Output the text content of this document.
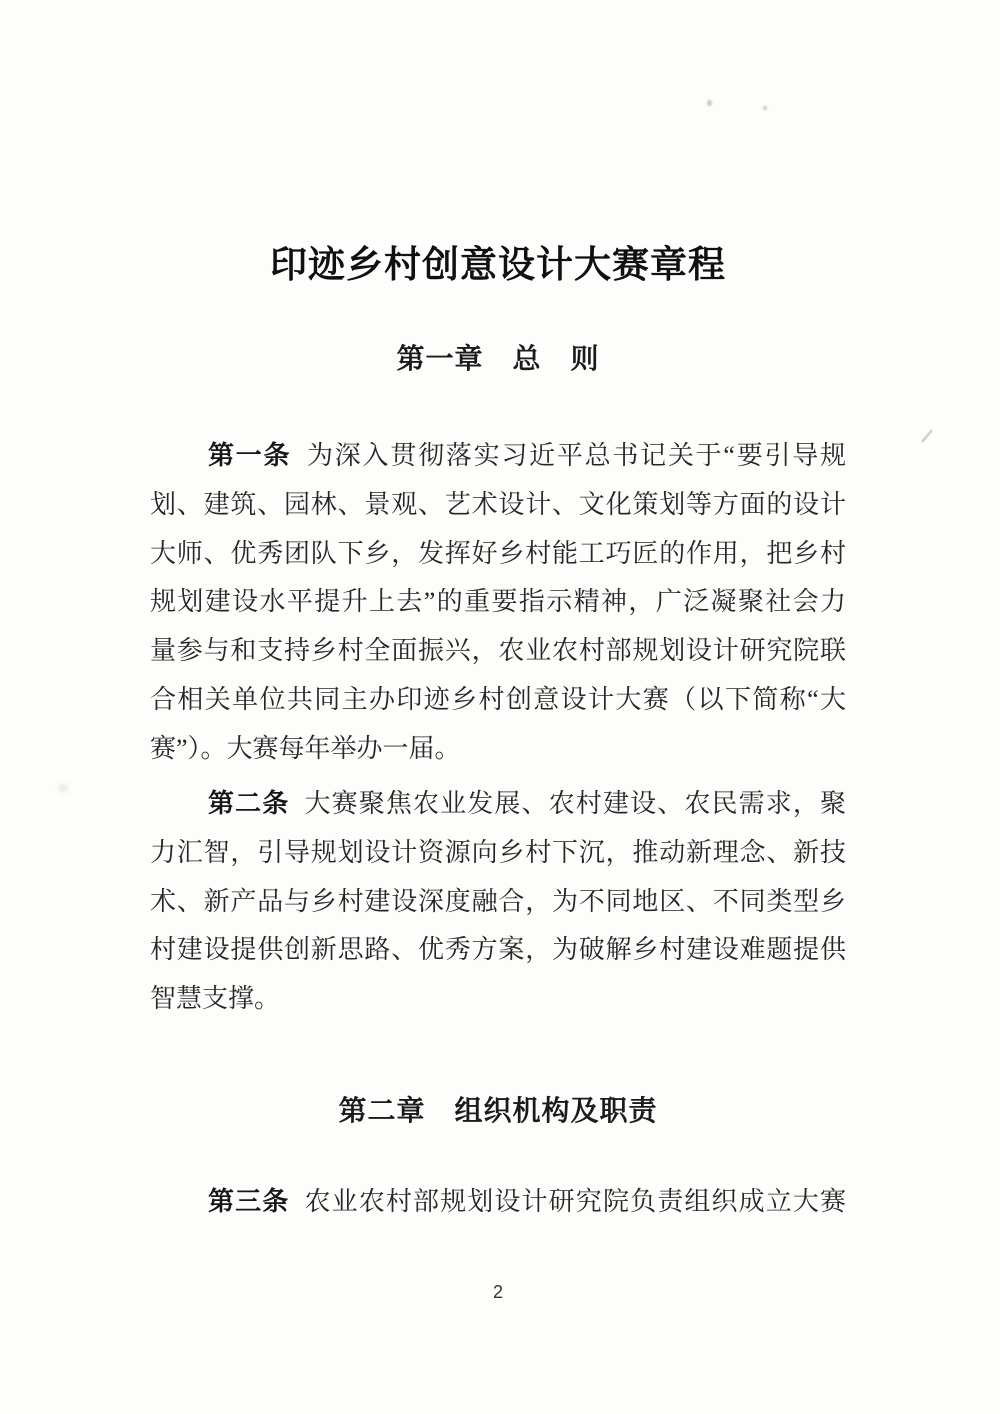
印迹乡村创意设计大赛章程
第一章　总　则
第一条 为深入贯彻落实习近平总书记关于“要引导规
划、建筑、园林、景观、艺术设计、文化策划等方面的设计
大师、优秀团队下乡，发挥好乡村能工巧匠的作用，把乡村
规划建设水平提升上去”的重要指示精神，广泛凝聚社会力
量参与和支持乡村全面振兴，农业农村部规划设计研究院联
合相关单位共同主办印迹乡村创意设计大赛（以下简称“大
赛”）。大赛每年举办一届。
第二条 大赛聚焦农业发展、农村建设、农民需求，聚
力汇智，引导规划设计资源向乡村下沉，推动新理念、新技
术、新产品与乡村建设深度融合，为不同地区、不同类型乡
村建设提供创新思路、优秀方案，为破解乡村建设难题提供
智慧支撑。
第二章　组织机构及职责
第三条 农业农村部规划设计研究院负责组织成立大赛
2
